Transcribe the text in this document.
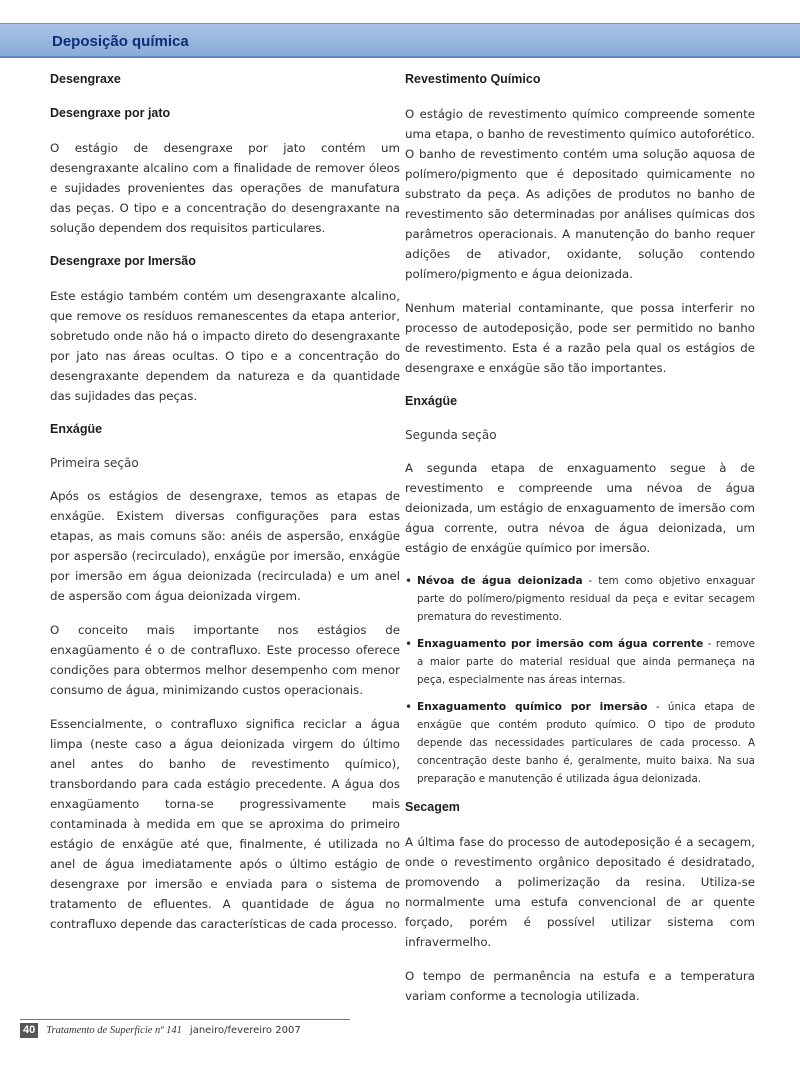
Deposição química
Desengraxe
Desengraxe por jato

O estágio de desengraxe por jato contém um desengraxante alcalino com a finalidade de remover óleos e sujidades provenientes das operações de manufatura das peças. O tipo e a concentração do desengraxante na solução dependem dos requisitos particulares.

Desengraxe por Imersão

Este estágio também contém um desengraxante alcalino, que remove os resíduos remanescentes da etapa anterior, sobretudo onde não há o impacto direto do desengraxante por jato nas áreas ocultas. O tipo e a concentração do desengraxante dependem da natureza e da quantidade das sujidades das peças.

Enxágüe
Primeira seção

Após os estágios de desengraxe, temos as etapas de enxágüe. Existem diversas configurações para estas etapas, as mais comuns são: anéis de aspersão, enxágüe por aspersão (recirculado), enxágüe por imersão, enxágüe por imersão em água deionizada (recirculada) e um anel de aspersão com água deionizada virgem.

O conceito mais importante nos estágios de enxagüamento é o de contrafluxo. Este processo oferece condições para obtermos melhor desempenho com menor consumo de água, minimizando custos operacionais.

Essencialmente, o contrafluxo significa reciclar a água limpa (neste caso a água deionizada virgem do último anel antes do banho de revestimento químico), transbordando para cada estágio precedente. A água dos enxagüamento torna-se progressivamente mais contaminada à medida em que se aproxima do primeiro estágio de enxágüe até que, finalmente, é utilizada no anel de água imediatamente após o último estágio de desengraxe por imersão e enviada para o sistema de tratamento de efluentes. A quantidade de água no contrafluxo depende das características de cada processo.

Revestimento Químico

O estágio de revestimento químico compreende somente uma etapa, o banho de revestimento químico autoforético. O banho de revestimento contém uma solução aquosa de polímero/pigmento que é depositado quimicamente no substrato da peça. As adições de produtos no banho de revestimento são determinadas por análises químicas dos parâmetros operacionais. A manutenção do banho requer adições de ativador, oxidante, solução contendo polímero/pigmento e água deionizada.

Nenhum material contaminante, que possa interferir no processo de autodeposição, pode ser permitido no banho de revestimento. Esta é a razão pela qual os estágios de desengraxe e enxágüe são tão importantes.

Enxágüe
Segunda seção

A segunda etapa de enxaguamento segue à de revestimento e compreende uma névoa de água deionizada, um estágio de enxaguamento de imersão com água corrente, outra névoa de água deionizada, um estágio de enxágüe químico por imersão.

• Névoa de água deionizada - tem como objetivo enxaguar parte do polímero/pigmento residual da peça e evitar secagem prematura do revestimento.
• Enxaguamento por imersão com água corrente - remove a maior parte do material residual que ainda permaneça na peça, especialmente nas áreas internas.
• Enxaguamento químico por imersão - única etapa de enxágüe que contém produto químico. O tipo de produto depende das necessidades particulares de cada processo. A concentração deste banho é, geralmente, muito baixa. Na sua preparação e manutenção é utilizada água deionizada.
Secagem

A última fase do processo de autodeposição é a secagem, onde o revestimento orgânico depositado é desidratado, promovendo a polimerização da resina. Utiliza-se normalmente uma estufa convencional de ar quente forçado, porém é possível utilizar sistema com infravermelho.

O tempo de permanência na estufa e a temperatura variam conforme a tecnologia utilizada.

40 Tratamento de Superfície nº 141 janeiro/fevereiro 2007
